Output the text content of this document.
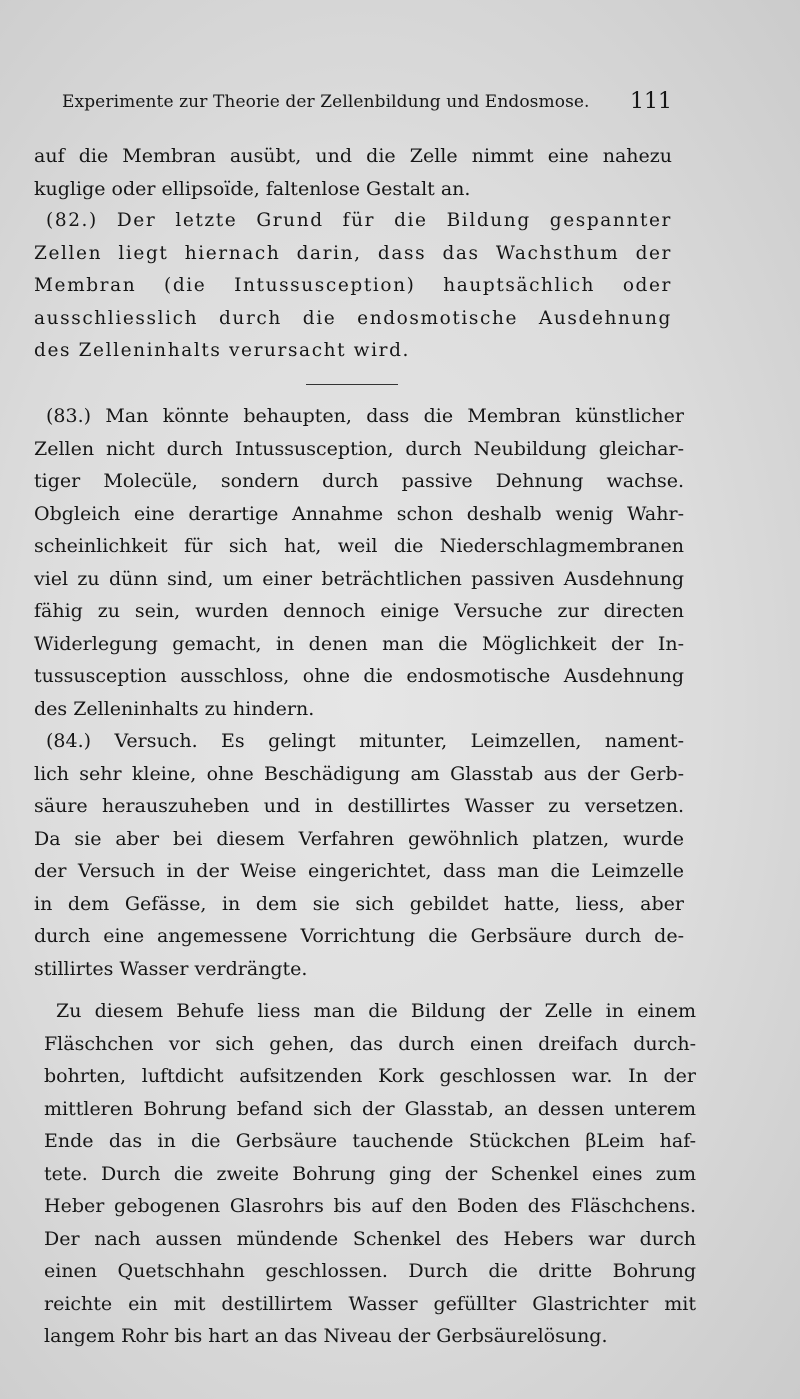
Experimente zur Theorie der Zellenbildung und Endosmose. 111
auf die Membran ausübt, und die Zelle nimmt eine nahezu
kuglige oder ellipsoïde, faltenlose Gestalt an.
(82.) Der letzte Grund für die Bildung gespannter
Zellen liegt hiernach darin, dass das Wachsthum der
Membran (die Intussusception) hauptsächlich oder
ausschliesslich durch die endosmotische Ausdehnung
des Zelleninhalts verursacht wird.
(83.) Man könnte behaupten, dass die Membran künstlicher
Zellen nicht durch Intussusception, durch Neubildung gleichar-
tiger Molecüle, sondern durch passive Dehnung wachse.
Obgleich eine derartige Annahme schon deshalb wenig Wahr-
scheinlichkeit für sich hat, weil die Niederschlagmembranen
viel zu dünn sind, um einer beträchtlichen passiven Ausdehnung
fähig zu sein, wurden dennoch einige Versuche zur directen
Widerlegung gemacht, in denen man die Möglichkeit der In-
tussusception ausschloss, ohne die endosmotische Ausdehnung
des Zelleninhalts zu hindern.
(84.) Versuch. Es gelingt mitunter, Leimzellen, nament-
lich sehr kleine, ohne Beschädigung am Glasstab aus der Gerb-
säure herauszuheben und in destillirtes Wasser zu versetzen.
Da sie aber bei diesem Verfahren gewöhnlich platzen, wurde
der Versuch in der Weise eingerichtet, dass man die Leimzelle
in dem Gefässe, in dem sie sich gebildet hatte, liess, aber
durch eine angemessene Vorrichtung die Gerbsäure durch de-
stillirtes Wasser verdrängte.
Zu diesem Behufe liess man die Bildung der Zelle in einem
Fläschchen vor sich gehen, das durch einen dreifach durch-
bohrten, luftdicht aufsitzenden Kork geschlossen war. In der
mittleren Bohrung befand sich der Glasstab, an dessen unterem
Ende das in die Gerbsäure tauchende Stückchen βLeim haf-
tete. Durch die zweite Bohrung ging der Schenkel eines zum
Heber gebogenen Glasrohrs bis auf den Boden des Fläschchens.
Der nach aussen mündende Schenkel des Hebers war durch
einen Quetschhahn geschlossen. Durch die dritte Bohrung
reichte ein mit destillirtem Wasser gefüllter Glastrichter mit
langem Rohr bis hart an das Niveau der Gerbsäurelösung.
